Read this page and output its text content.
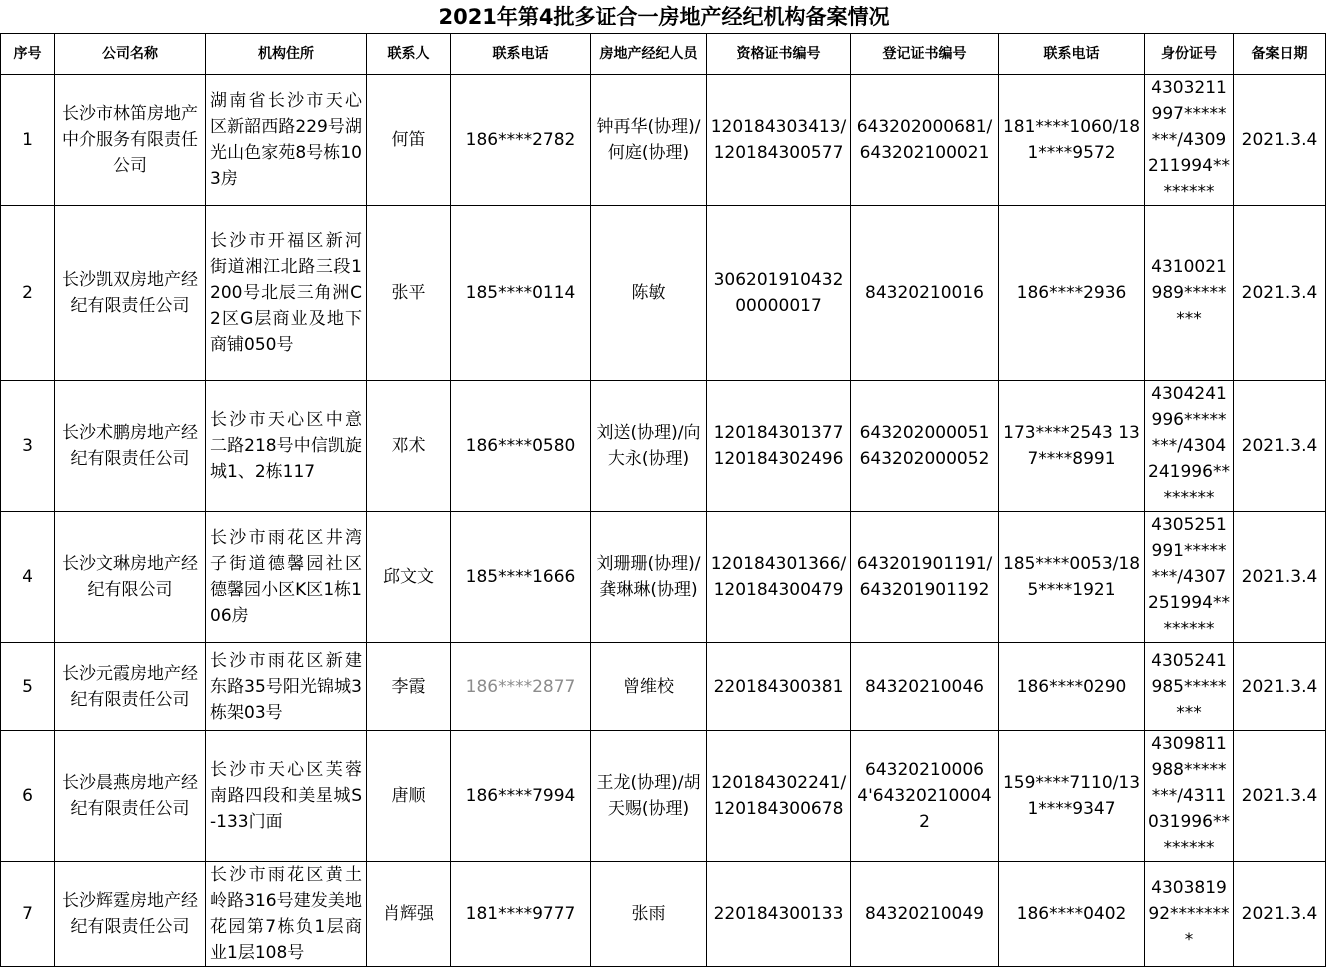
2021年第4批多证合一房地产经纪机构备案情况
序号	公司名称	机构住所	联系人	联系电话	房地产经纪人员	资格证书编号	登记证书编号	联系电话	身份证号	备案日期
1	长沙市林笛房地产中介服务有限责任公司	湖南省长沙市天心区新韶西路229号湖光山色家苑8号栋103房	何笛	186****2782	钟再华(协理)/何庭(协理)	120184303413/120184300577	643202000681/643202100021	181****1060/181****9572	4303211997********/4309211994********	2021.3.4
2	长沙凯双房地产经纪有限责任公司	长沙市开福区新河街道湘江北路三段1200号北辰三角洲C2区G层商业及地下商铺050号	张平	185****0114	陈敏	30620191043200000017	84320210016	186****2936	4310021989********	2021.3.4
3	长沙术鹏房地产经纪有限责任公司	长沙市天心区中意二路218号中信凯旋城1、2栋117	邓术	186****0580	刘送(协理)/向大永(协理)	120184301377 120184302496	643202000051 643202000052	173****2543 137****8991	4304241996********/4304241996********	2021.3.4
4	长沙文琳房地产经纪有限公司	长沙市雨花区井湾子街道德馨园社区德馨园小区K区1栋106房	邱文文	185****1666	刘珊珊(协理)/龚琳琳(协理)	120184301366/120184300479	643201901191/643201901192	185****0053/185****1921	4305251991********/4307251994********	2021.3.4
5	长沙元霞房地产经纪有限责任公司	长沙市雨花区新建东路35号阳光锦城3栋架03号	李霞	186****2877	曾维校	220184300381	84320210046	186****0290	4305241985********	2021.3.4
6	长沙晨燕房地产经纪有限责任公司	长沙市天心区芙蓉南路四段和美星城S-133门面	唐顺	186****7994	王龙(协理)/胡天赐(协理)	120184302241/120184300678	643202100064'643202100042	159****7110/131****9347	4309811988********/4311031996********	2021.3.4
7	长沙辉霆房地产经纪有限责任公司	长沙市雨花区黄土岭路316号建发美地花园第7栋负1层商业1层108号	肖辉强	181****9777	张雨	220184300133	84320210049	186****0402	430381992********	2021.3.4
